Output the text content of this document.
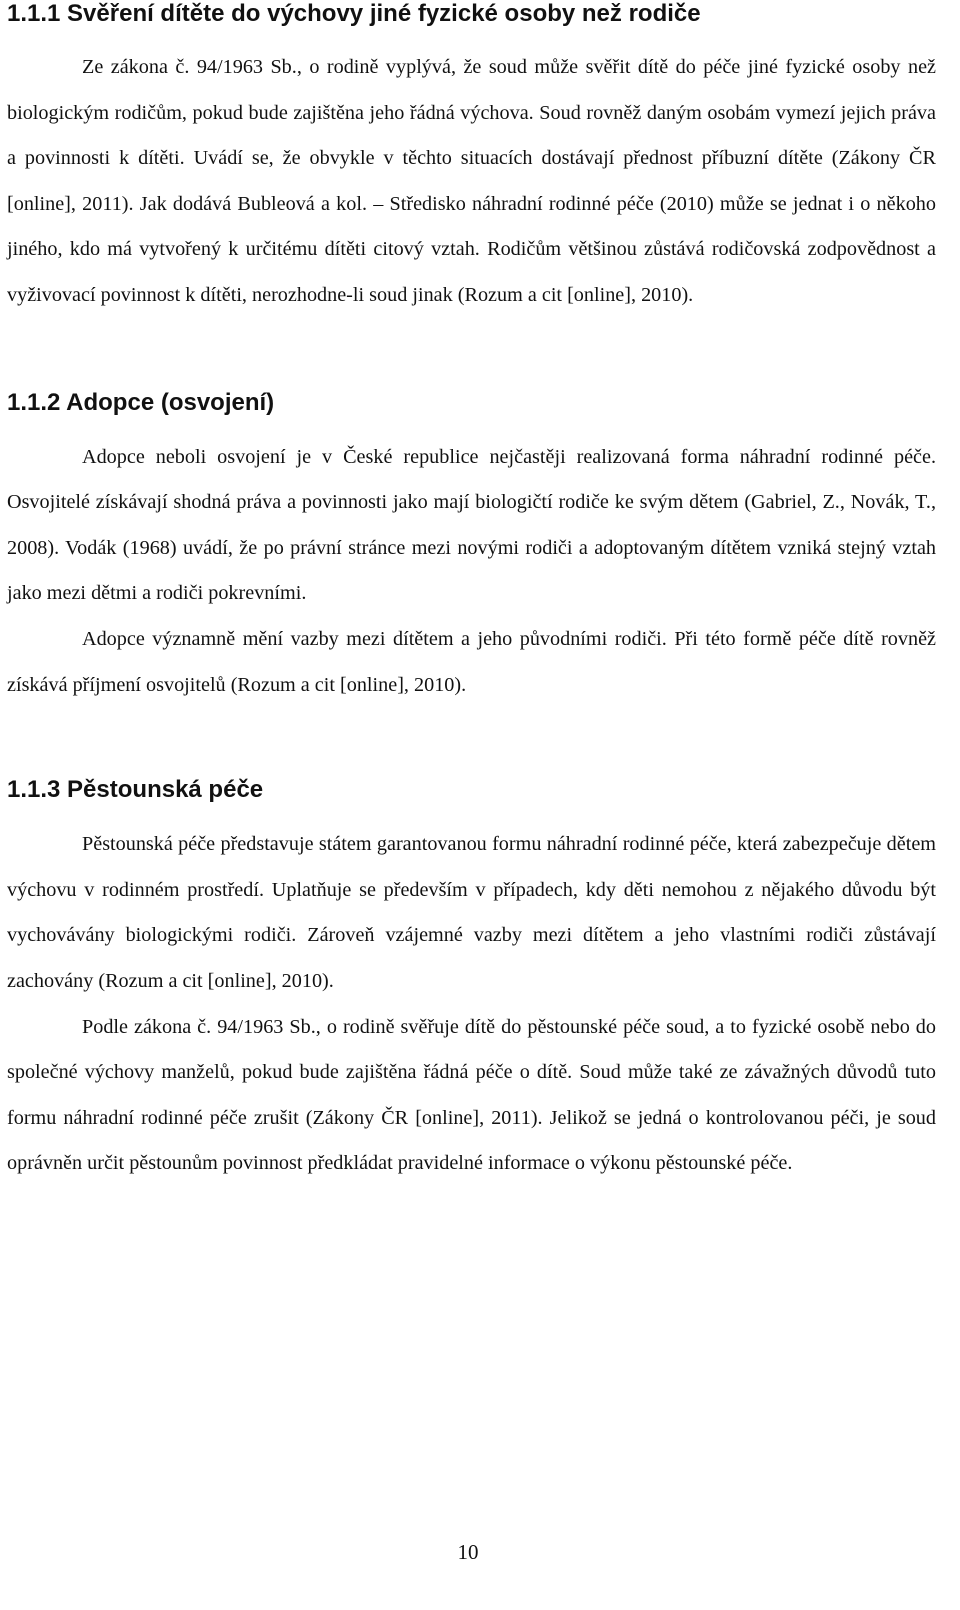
1.1.1 Svěření dítěte do výchovy jiné fyzické osoby než rodiče

Ze zákona č. 94/1963 Sb., o rodině vyplývá, že soud může svěřit dítě do péče jiné fyzické osoby než biologickým rodičům, pokud bude zajištěna jeho řádná výchova. Soud rovněž daným osobám vymezí jejich práva a povinnosti k dítěti. Uvádí se, že obvykle v těchto situacích dostávají přednost příbuzní dítěte (Zákony ČR [online], 2011). Jak dodává Bubleová a kol. – Středisko náhradní rodinné péče (2010) může se jednat i o někoho jiného, kdo má vytvořený k určitému dítěti citový vztah. Rodičům většinou zůstává rodičovská zodpovědnost a vyživovací povinnost k dítěti, nerozhodne-li soud jinak (Rozum a cit [online], 2010).

1.1.2 Adopce (osvojení)

Adopce neboli osvojení je v České republice nejčastěji realizovaná forma náhradní rodinné péče. Osvojitelé získávají shodná práva a povinnosti jako mají biologičtí rodiče ke svým dětem (Gabriel, Z., Novák, T., 2008). Vodák (1968) uvádí, že po právní stránce mezi novými rodiči a adoptovaným dítětem vzniká stejný vztah jako mezi dětmi a rodiči pokrevními.

Adopce významně mění vazby mezi dítětem a jeho původními rodiči. Při této formě péče dítě rovněž získává příjmení osvojitelů (Rozum a cit [online], 2010).

1.1.3 Pěstounská péče

Pěstounská péče představuje státem garantovanou formu náhradní rodinné péče, která zabezpečuje dětem výchovu v rodinném prostředí. Uplatňuje se především v případech, kdy děti nemohou z nějakého důvodu být vychovávány biologickými rodiči. Zároveň vzájemné vazby mezi dítětem a jeho vlastními rodiči zůstávají zachovány (Rozum a cit [online], 2010).

Podle zákona č. 94/1963 Sb., o rodině svěřuje dítě do pěstounské péče soud, a to fyzické osobě nebo do společné výchovy manželů, pokud bude zajištěna řádná péče o dítě. Soud může také ze závažných důvodů tuto formu náhradní rodinné péče zrušit (Zákony ČR [online], 2011). Jelikož se jedná o kontrolovanou péči, je soud oprávněn určit pěstounům povinnost předkládat pravidelné informace o výkonu pěstounské péče.

10
